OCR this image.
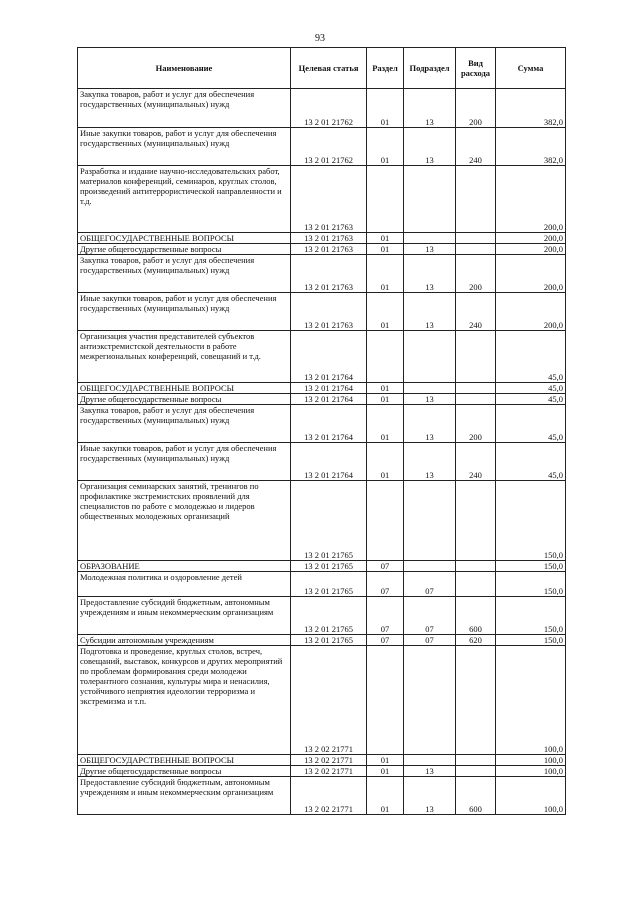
93
Наименование	Целевая статья	Раздел	Подраздел	Вид расхода	Сумма
Закупка товаров, работ и услуг для обеспечения государственных (муниципальных) нужд	13 2 01 21762	01	13	200	382,0
Иные закупки товаров, работ и услуг для обеспечения государственных (муниципальных) нужд	13 2 01 21762	01	13	240	382,0
Разработка и издание научно-исследовательских работ, материалов конференций, семинаров, круглых столов, произведений антитеррористической направленности и т.д.	13 2 01 21763				200,0
ОБЩЕГОСУДАРСТВЕННЫЕ ВОПРОСЫ	13 2 01 21763	01			200,0
Другие общегосударственные вопросы	13 2 01 21763	01	13		200,0
Закупка товаров, работ и услуг для обеспечения государственных (муниципальных) нужд	13 2 01 21763	01	13	200	200,0
Иные закупки товаров, работ и услуг для обеспечения государственных (муниципальных) нужд	13 2 01 21763	01	13	240	200,0
Организация участия представителей субъектов антиэкстремистской деятельности в работе межрегиональных конференций, совещаний и т.д.	13 2 01 21764				45,0
ОБЩЕГОСУДАРСТВЕННЫЕ ВОПРОСЫ	13 2 01 21764	01			45,0
Другие общегосударственные вопросы	13 2 01 21764	01	13		45,0
Закупка товаров, работ и услуг для обеспечения государственных (муниципальных) нужд	13 2 01 21764	01	13	200	45,0
Иные закупки товаров, работ и услуг для обеспечения государственных (муниципальных) нужд	13 2 01 21764	01	13	240	45,0
Организация семинарских занятий, тренингов по профилактике экстремистских проявлений для специалистов по работе с молодежью и лидеров общественных молодежных организаций	13 2 01 21765				150,0
ОБРАЗОВАНИЕ	13 2 01 21765	07			150,0
Молодежная политика и оздоровление детей	13 2 01 21765	07	07		150,0
Предоставление субсидий бюджетным, автономным учреждениям и иным некоммерческим организациям	13 2 01 21765	07	07	600	150,0
Субсидии автономным учреждениям	13 2 01 21765	07	07	620	150,0
Подготовка и проведение, круглых столов, встреч, совещаний, выставок, конкурсов и других мероприятий по проблемам формирования среди молодежи толерантного сознания, культуры мира и ненасилия, устойчивого неприятия идеологии терроризма и экстремизма и т.п.	13 2 02 21771				100,0
ОБЩЕГОСУДАРСТВЕННЫЕ ВОПРОСЫ	13 2 02 21771	01			100,0
Другие общегосударственные вопросы	13 2 02 21771	01	13		100,0
Предоставление субсидий бюджетным, автономным учреждениям и иным некоммерческим организациям	13 2 02 21771	01	13	600	100,0
